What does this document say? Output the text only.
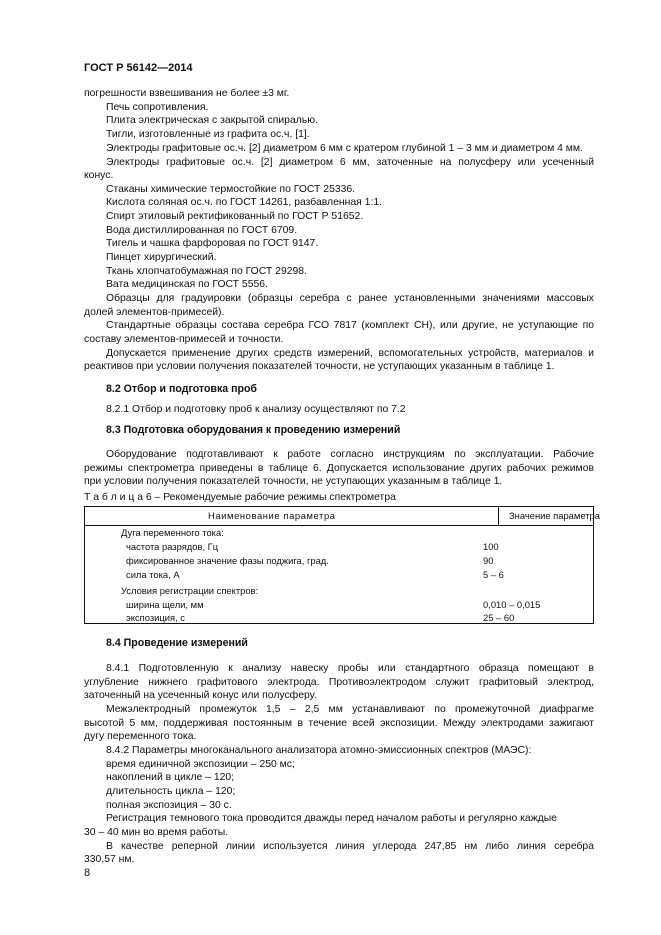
ГОСТ Р 56142—2014
погрешности взвешивания не более ±3 мг.
Печь сопротивления.
Плита электрическая с закрытой спиралью.
Тигли, изготовленные из графита ос.ч. [1].
Электроды графитовые ос.ч. [2] диаметром 6 мм с кратером глубиной 1 – 3 мм и диаметром 4 мм.
Электроды графитовые ос.ч. [2] диаметром 6 мм, заточенные на полусферу или усеченный
конус.
Стаканы химические термостойкие по ГОСТ 25336.
Кислота соляная ос.ч. по ГОСТ 14261, разбавленная 1:1.
Спирт этиловый ректификованный по ГОСТ Р 51652.
Вода дистиллированная по ГОСТ 6709.
Тигель и чашка фарфоровая по ГОСТ 9147.
Пинцет хирургический.
Ткань хлопчатобумажная по ГОСТ 29298.
Вата медицинская по ГОСТ 5556.
Образцы для градуировки (образцы серебра с ранее установленными значениями массовых
долей элементов-примесей).
Стандартные образцы состава серебра ГСО 7817 (комплект СН), или другие, не уступающие по
составу элементов-примесей и точности.
Допускается применение других средств измерений, вспомогательных устройств, материалов и
реактивов при условии получения показателей точности, не уступающих указанным в таблице 1.
8.2 Отбор и подготовка проб
8.2.1 Отбор и подготовку проб к анализу осуществляют по 7.2
8.3 Подготовка оборудования к проведению измерений
Оборудование подготавливают к работе согласно инструкциям по эксплуатации. Рабочие
режимы спектрометра приведены в таблице 6. Допускается использование других рабочих режимов
при условии получения показателей точности, не уступающих указанным в таблице 1.
Т а б л и ц а 6 – Рекомендуемые рабочие режимы спектрометра
Наименование параметра	Значение параметра
Дуга переменного тока:
частота разрядов, Гц	100
фиксированное значение фазы поджига, град.	90
сила тока, А	5 – 6
Условия регистрации спектров:
ширина щели, мм	0,010 – 0,015
экспозиция, с	25 – 60
8.4 Проведение измерений
8.4.1 Подготовленную к анализу навеску пробы или стандартного образца помещают в
углубление нижнего графитового электрода. Противоэлектродом служит графитовый электрод,
заточенный на усеченный конус или полусферу.
Межэлектродный промежуток 1,5 – 2,5 мм устанавливают по промежуточной диафрагме
высотой 5 мм, поддерживая постоянным в течение всей экспозиции. Между электродами зажигают
дугу переменного тока.
8.4.2 Параметры многоканального анализатора атомно-эмиссионных спектров (МАЭС):
время единичной экспозиции – 250 мс;
накоплений в цикле – 120;
длительность цикла – 120;
полная экспозиция – 30 с.
Регистрация темнового тока проводится дважды перед началом работы и регулярно каждые
30 – 40 мин во время работы.
В качестве реперной линии используется линия углерода 247,85 нм либо линия серебра
330,57 нм.
8
